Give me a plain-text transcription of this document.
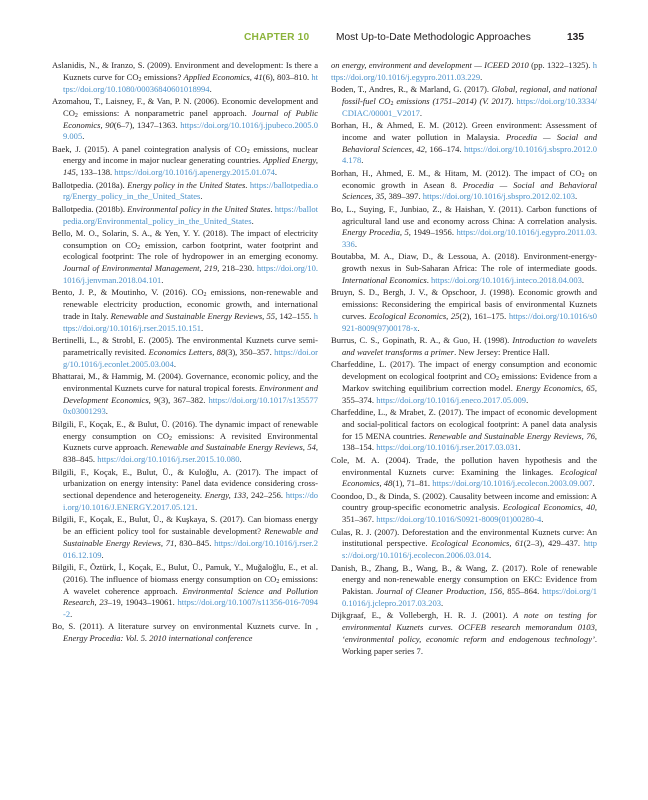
CHAPTER 10	Most Up-to-Date Methodologic Approaches	135

Aslanidis, N., & Iranzo, S. (2009). Environment and development: Is there a Kuznets curve for CO2 emissions? Applied Economics, 41(6), 803–810. https://doi.org/10.1080/00036840601018994.

Azomahou, T., Laisney, F., & Van, P. N. (2006). Economic development and CO2 emissions: A nonparametric panel approach. Journal of Public Economics, 90(6–7), 1347–1363. https://doi.org/10.1016/j.jpubeco.2005.09.005.

Baek, J. (2015). A panel cointegration analysis of CO2 emissions, nuclear energy and income in major nuclear generating countries. Applied Energy, 145, 133–138. https://doi.org/10.1016/j.apenergy.2015.01.074.

Ballotpedia. (2018a). Energy policy in the United States. https://ballotpedia.org/Energy_policy_in_the_United_States.

Ballotpedia. (2018b). Environmental policy in the United States. https://ballotpedia.org/Environmental_policy_in_the_United_States.

Bello, M. O., Solarin, S. A., & Yen, Y. Y. (2018). The impact of electricity consumption on CO2 emission, carbon footprint, water footprint and ecological footprint: The role of hydropower in an emerging economy. Journal of Environmental Management, 219, 218–230. https://doi.org/10.1016/j.jenvman.2018.04.101.

Bento, J. P., & Moutinho, V. (2016). CO2 emissions, non-renewable and renewable electricity production, economic growth, and international trade in Italy. Renewable and Sustainable Energy Reviews, 55, 142–155. https://doi.org/10.1016/j.rser.2015.10.151.

Bertinelli, L., & Strobl, E. (2005). The environmental Kuznets curve semi-parametrically revisited. Economics Letters, 88(3), 350–357. https://doi.org/10.1016/j.econlet.2005.03.004.

Bhattarai, M., & Hammig, M. (2004). Governance, economic policy, and the environmental Kuznets curve for natural tropical forests. Environment and Development Economics, 9(3), 367–382. https://doi.org/10.1017/s1355770x03001293.

Bilgili, F., Koçak, E., & Bulut, Ü. (2016). The dynamic impact of renewable energy consumption on CO2 emissions: A revisited Environmental Kuznets curve approach. Renewable and Sustainable Energy Reviews, 54, 838–845. https://doi.org/10.1016/j.rser.2015.10.080.

Bilgili, F., Koçak, E., Bulut, Ü., & Kuloğlu, A. (2017). The impact of urbanization on energy intensity: Panel data evidence considering cross-sectional dependence and heterogeneity. Energy, 133, 242–256. https://doi.org/10.1016/J.ENERGY.2017.05.121.

Bilgili, F., Koçak, E., Bulut, Ü., & Kuşkaya, S. (2017). Can biomass energy be an efficient policy tool for sustainable development? Renewable and Sustainable Energy Reviews, 71, 830–845. https://doi.org/10.1016/j.rser.2016.12.109.

Bilgili, F., Öztürk, İ., Koçak, E., Bulut, Ü., Pamuk, Y., Muğaloğlu, E., et al. (2016). The influence of biomass energy consumption on CO2 emissions: A wavelet coherence approach. Environmental Science and Pollution Research, 23–19, 19043–19061. https://doi.org/10.1007/s11356-016-7094-2.

Bo, S. (2011). A literature survey on environmental Kuznets curve. In , Energy Procedia: Vol. 5. 2010 international conference

on energy, environment and development — ICEED 2010 (pp. 1322–1325). https://doi.org/10.1016/j.egypro.2011.03.229.

Boden, T., Andres, R., & Marland, G. (2017). Global, regional, and national fossil-fuel CO2 emissions (1751–2014) (V. 2017). https://doi.org/10.3334/CDIAC/00001_V2017.

Borhan, H., & Ahmed, E. M. (2012). Green environment: Assessment of income and water pollution in Malaysia. Procedia — Social and Behavioral Sciences, 42, 166–174. https://doi.org/10.1016/j.sbspro.2012.04.178.

Borhan, H., Ahmed, E. M., & Hitam, M. (2012). The impact of CO2 on economic growth in Asean 8. Procedia — Social and Behavioral Sciences, 35, 389–397. https://doi.org/10.1016/j.sbspro.2012.02.103.

Bo, L., Suying, F., Junbiao, Z., & Haishan, Y. (2011). Carbon functions of agricultural land use and economy across China: A correlation analysis. Energy Procedia, 5, 1949–1956. https://doi.org/10.1016/j.egypro.2011.03.336.

Boutabba, M. A., Diaw, D., & Lessoua, A. (2018). Environment-energy-growth nexus in Sub-Saharan Africa: The role of intermediate goods. International Economics. https://doi.org/10.1016/j.inteco.2018.04.003.

Bruyn, S. D., Bergh, J. V., & Opschoor, J. (1998). Economic growth and emissions: Reconsidering the empirical basis of environmental Kuznets curves. Ecological Economics, 25(2), 161–175. https://doi.org/10.1016/s0921-8009(97)00178-x.

Burrus, C. S., Gopinath, R. A., & Guo, H. (1998). Introduction to wavelets and wavelet transforms a primer. New Jersey: Prentice Hall.

Charfeddine, L. (2017). The impact of energy consumption and economic development on ecological footprint and CO2 emissions: Evidence from a Markov switching equilibrium correction model. Energy Economics, 65, 355–374. https://doi.org/10.1016/j.eneco.2017.05.009.

Charfeddine, L., & Mrabet, Z. (2017). The impact of economic development and social-political factors on ecological footprint: A panel data analysis for 15 MENA countries. Renewable and Sustainable Energy Reviews, 76, 138–154. https://doi.org/10.1016/j.rser.2017.03.031.

Cole, M. A. (2004). Trade, the pollution haven hypothesis and the environmental Kuznets curve: Examining the linkages. Ecological Economics, 48(1), 71–81. https://doi.org/10.1016/j.ecolecon.2003.09.007.

Coondoo, D., & Dinda, S. (2002). Causality between income and emission: A country group-specific econometric analysis. Ecological Economics, 40, 351–367. https://doi.org/10.1016/S0921-8009(01)00280-4.

Culas, R. J. (2007). Deforestation and the environmental Kuznets curve: An institutional perspective. Ecological Economics, 61(2–3), 429–437. https://doi.org/10.1016/j.ecolecon.2006.03.014.

Danish, B., Zhang, B., Wang, B., & Wang, Z. (2017). Role of renewable energy and non-renewable energy consumption on EKC: Evidence from Pakistan. Journal of Cleaner Production, 156, 855–864. https://doi.org/10.1016/j.jclepro.2017.03.203.

Dijkgraaf, E., & Vollebergh, H. R. J. (2001). A note on testing for environmental Kuznets curves. OCFEB research memorandum 0103, ‘environmental policy, economic reform and endogenous technology’. Working paper series 7.
